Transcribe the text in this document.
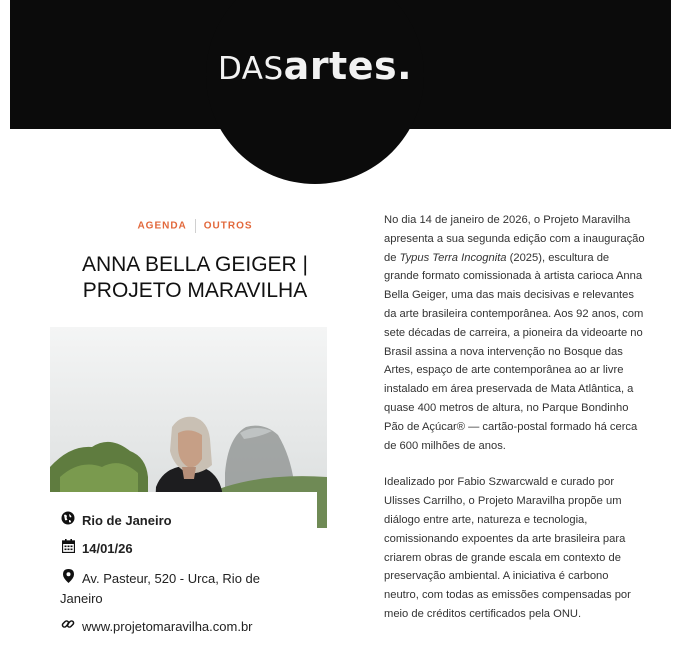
DASartes.
AGENDA OUTROS
ANNA BELLA GEIGER | PROJETO MARAVILHA
Rio de Janeiro
14/01/26
Av. Pasteur, 520 - Urca, Rio de Janeiro
www.projetomaravilha.com.br

No dia 14 de janeiro de 2026, o Projeto Maravilha apresenta a sua segunda edição com a inauguração de Typus Terra Incognita (2025), escultura de grande formato comissionada à artista carioca Anna Bella Geiger, uma das mais decisivas e relevantes da arte brasileira contemporânea. Aos 92 anos, com sete décadas de carreira, a pioneira da videoarte no Brasil assina a nova intervenção no Bosque das Artes, espaço de arte contemporânea ao ar livre instalado em área preservada de Mata Atlântica, a quase 400 metros de altura, no Parque Bondinho Pão de Açúcar® — cartão-postal formado há cerca de 600 milhões de anos.

Idealizado por Fabio Szwarcwald e curado por Ulisses Carrilho, o Projeto Maravilha propõe um diálogo entre arte, natureza e tecnologia, comissionando expoentes da arte brasileira para criarem obras de grande escala em contexto de preservação ambiental. A iniciativa é carbono neutro, com todas as emissões compensadas por meio de créditos certificados pela ONU.
